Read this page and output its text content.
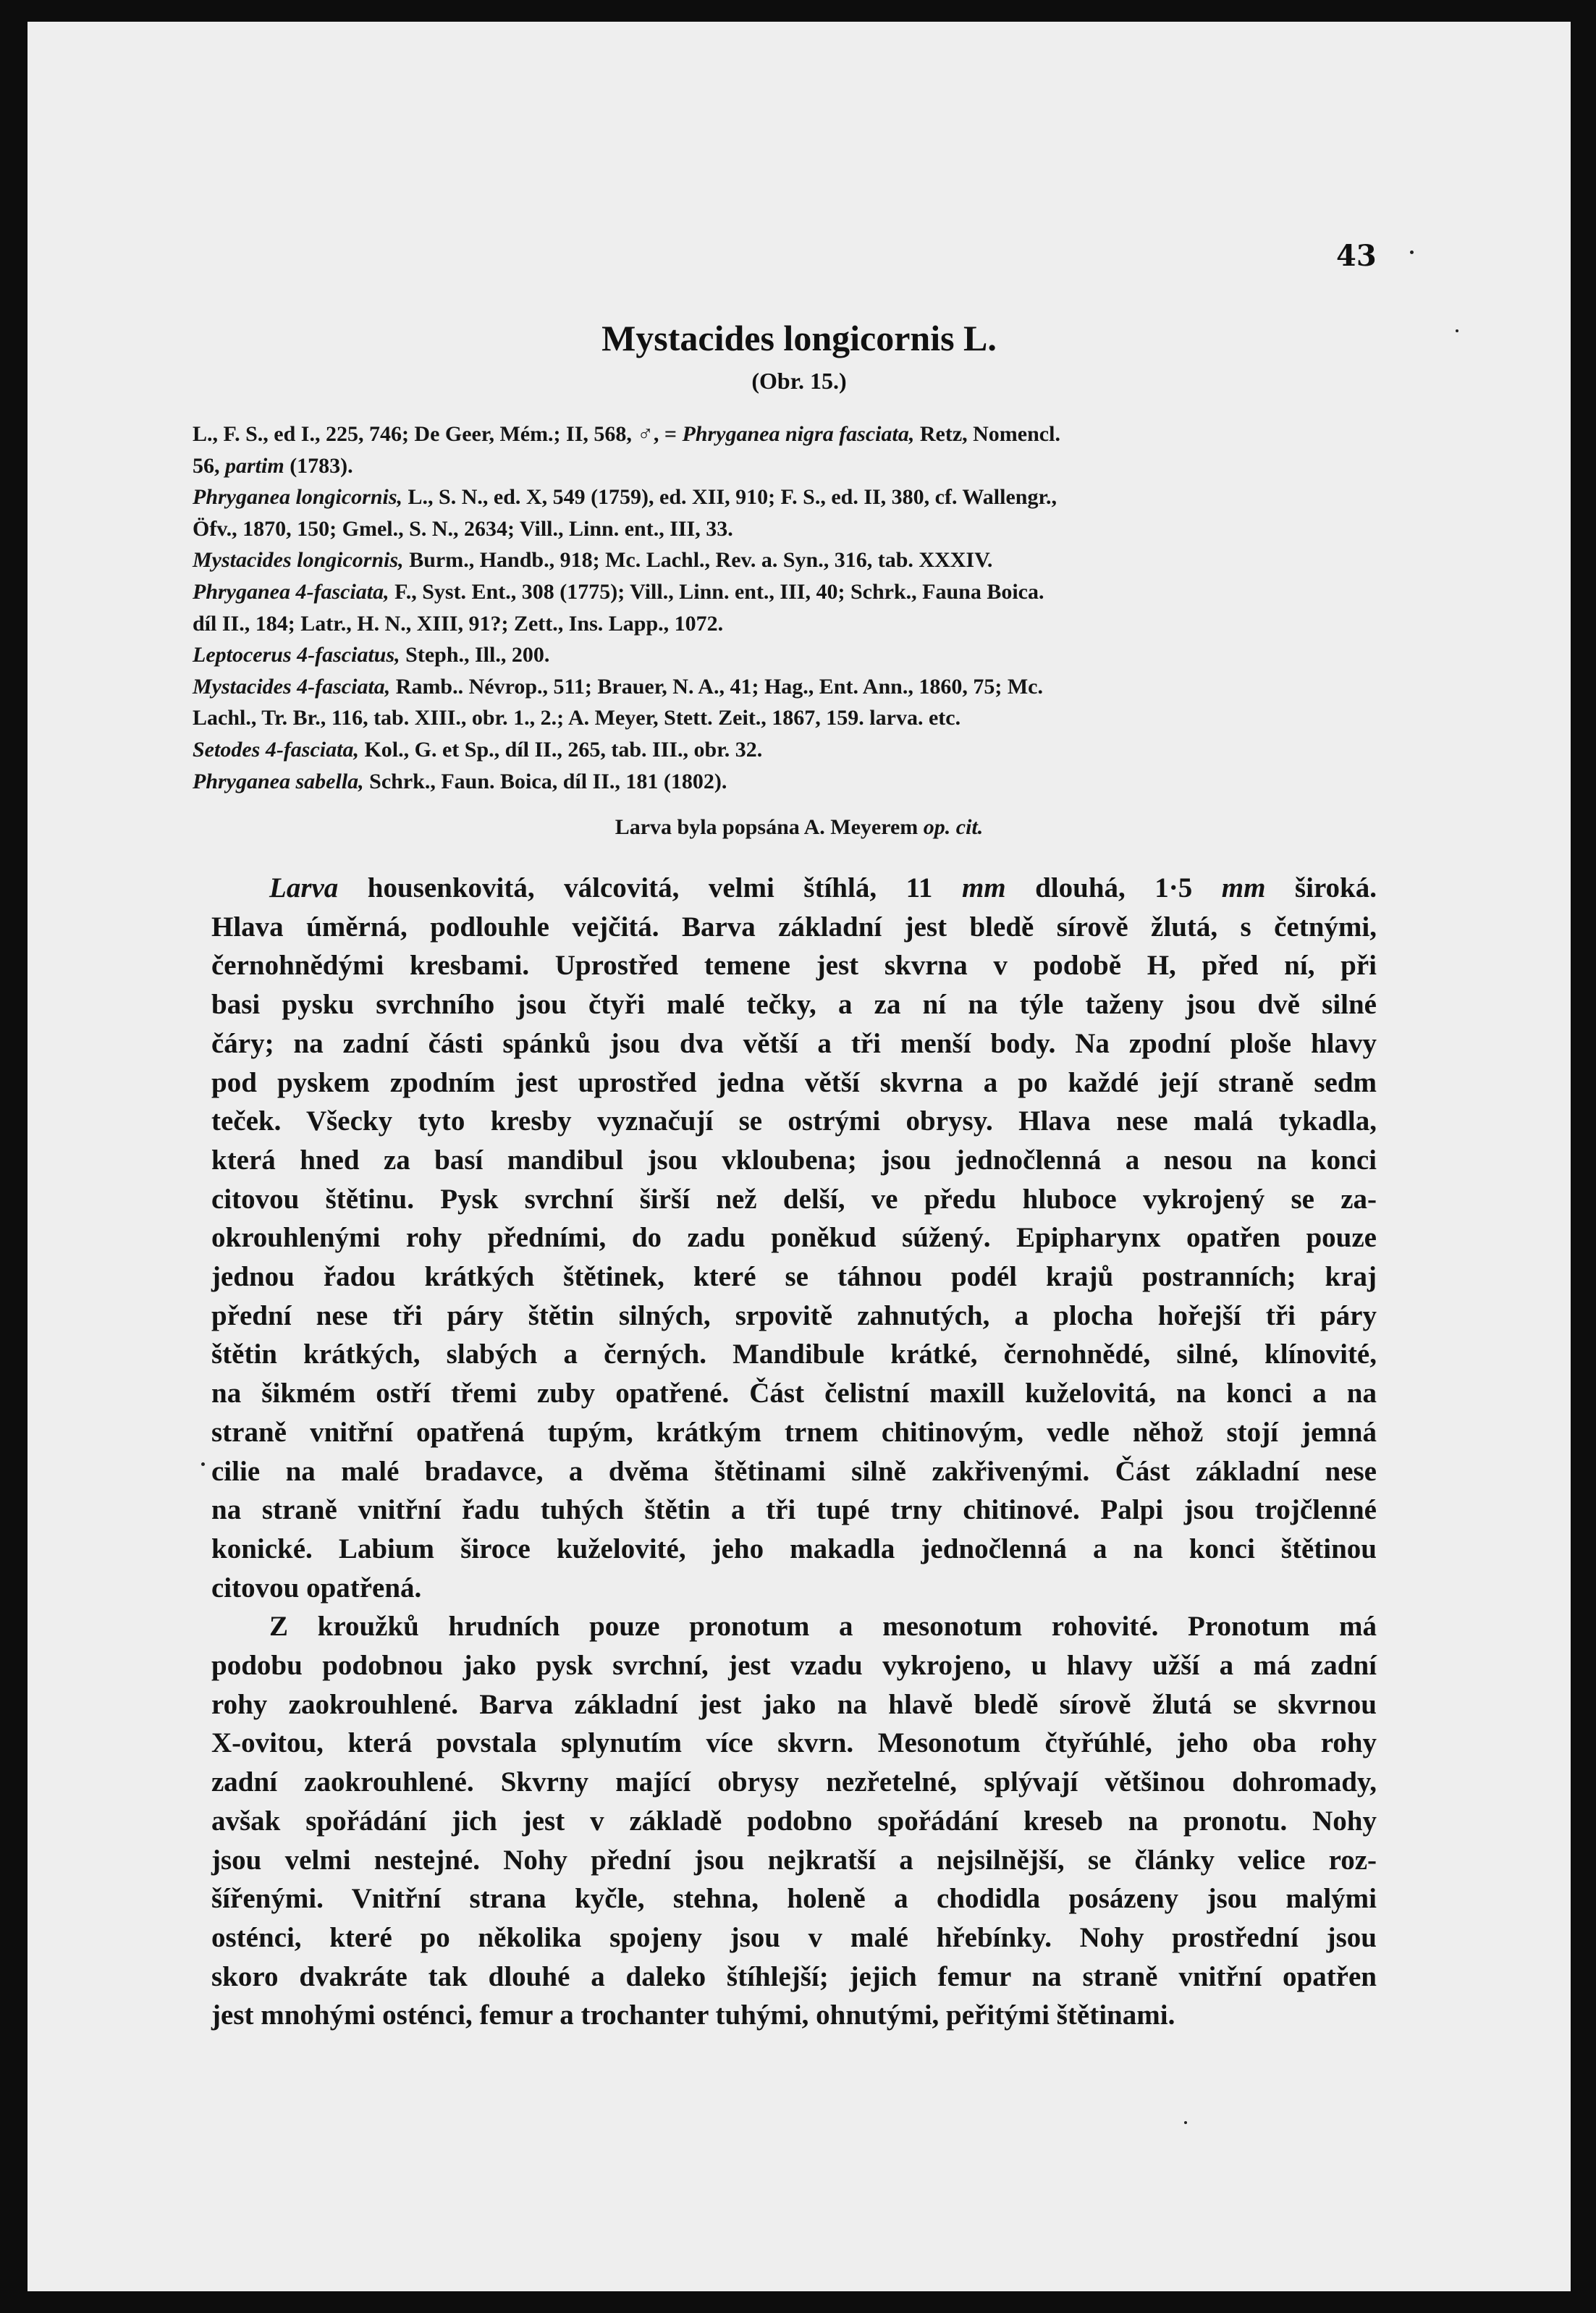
43
Mystacides longicornis L.
(Obr. 15.)
L., F. S., ed I., 225, 746; De Geer, Mém.; II, 568, ♂, = Phryganea nigra fasciata, Retz, Nomencl.
56, partim (1783).
Phryganea longicornis, L., S. N., ed. X, 549 (1759), ed. XII, 910; F. S., ed. II, 380, cf. Wallengr.,
Öfv., 1870, 150; Gmel., S. N., 2634; Vill., Linn. ent., III, 33.
Mystacides longicornis, Burm., Handb., 918; Mc. Lachl., Rev. a. Syn., 316, tab. XXXIV.
Phryganea 4-fasciata, F., Syst. Ent., 308 (1775); Vill., Linn. ent., III, 40; Schrk., Fauna Boica.
díl II., 184; Latr., H. N., XIII, 91?; Zett., Ins. Lapp., 1072.
Leptocerus 4-fasciatus, Steph., Ill., 200.
Mystacides 4-fasciata, Ramb.. Névrop., 511; Brauer, N. A., 41; Hag., Ent. Ann., 1860, 75; Mc.
Lachl., Tr. Br., 116, tab. XIII., obr. 1., 2.; A. Meyer, Stett. Zeit., 1867, 159. larva. etc.
Setodes 4-fasciata, Kol., G. et Sp., díl II., 265, tab. III., obr. 32.
Phryganea sabella, Schrk., Faun. Boica, díl II., 181 (1802).
Larva byla popsána A. Meyerem op. cit.
Larva housenkovitá, válcovitá, velmi štíhlá, 11 mm dlouhá, 1·5 mm široká.
Hlava úměrná, podlouhle vejčitá. Barva základní jest bledě sírově žlutá, s četnými,
černohnědými kresbami. Uprostřed temene jest skvrna v podobě H, před ní, při
basi pysku svrchního jsou čtyři malé tečky, a za ní na týle taženy jsou dvě silné
čáry; na zadní části spánků jsou dva větší a tři menší body. Na zpodní ploše hlavy
pod pyskem zpodním jest uprostřed jedna větší skvrna a po každé její straně sedm
teček. Všecky tyto kresby vyznačují se ostrými obrysy. Hlava nese malá tykadla,
která hned za basí mandibul jsou vkloubena; jsou jednočlenná a nesou na konci
citovou štětinu. Pysk svrchní širší než delší, ve předu hluboce vykrojený se za-
okrouhlenými rohy předními, do zadu poněkud súžený. Epipharynx opatřen pouze
jednou řadou krátkých štětinek, které se táhnou podél krajů postranních; kraj
přední nese tři páry štětin silných, srpovitě zahnutých, a plocha hořejší tři páry
štětin krátkých, slabých a černých. Mandibule krátké, černohnědé, silné, klínovité,
na šikmém ostří třemi zuby opatřené. Část čelistní maxill kuželovitá, na konci a na
straně vnitřní opatřená tupým, krátkým trnem chitinovým, vedle něhož stojí jemná
cilie na malé bradavce, a dvěma štětinami silně zakřivenými. Část základní nese
na straně vnitřní řadu tuhých štětin a tři tupé trny chitinové. Palpi jsou trojčlenné
konické. Labium široce kuželovité, jeho makadla jednočlenná a na konci štětinou
citovou opatřená.
Z kroužků hrudních pouze pronotum a mesonotum rohovité. Pronotum má
podobu podobnou jako pysk svrchní, jest vzadu vykrojeno, u hlavy užší a má zadní
rohy zaokrouhlené. Barva základní jest jako na hlavě bledě sírově žlutá se skvrnou
X-ovitou, která povstala splynutím více skvrn. Mesonotum čtyřúhlé, jeho oba rohy
zadní zaokrouhlené. Skvrny mající obrysy nezřetelné, splývají většinou dohromady,
avšak spořádání jich jest v základě podobno spořádání kreseb na pronotu. Nohy
jsou velmi nestejné. Nohy přední jsou nejkratší a nejsilnější, se články velice roz-
šířenými. Vnitřní strana kyčle, stehna, holeně a chodidla posázeny jsou malými
osténci, které po několika spojeny jsou v malé hřebínky. Nohy prostřední jsou
skoro dvakráte tak dlouhé a daleko štíhlejší; jejich femur na straně vnitřní opatřen
jest mnohými osténci, femur a trochanter tuhými, ohnutými, peřitými štětinami.
